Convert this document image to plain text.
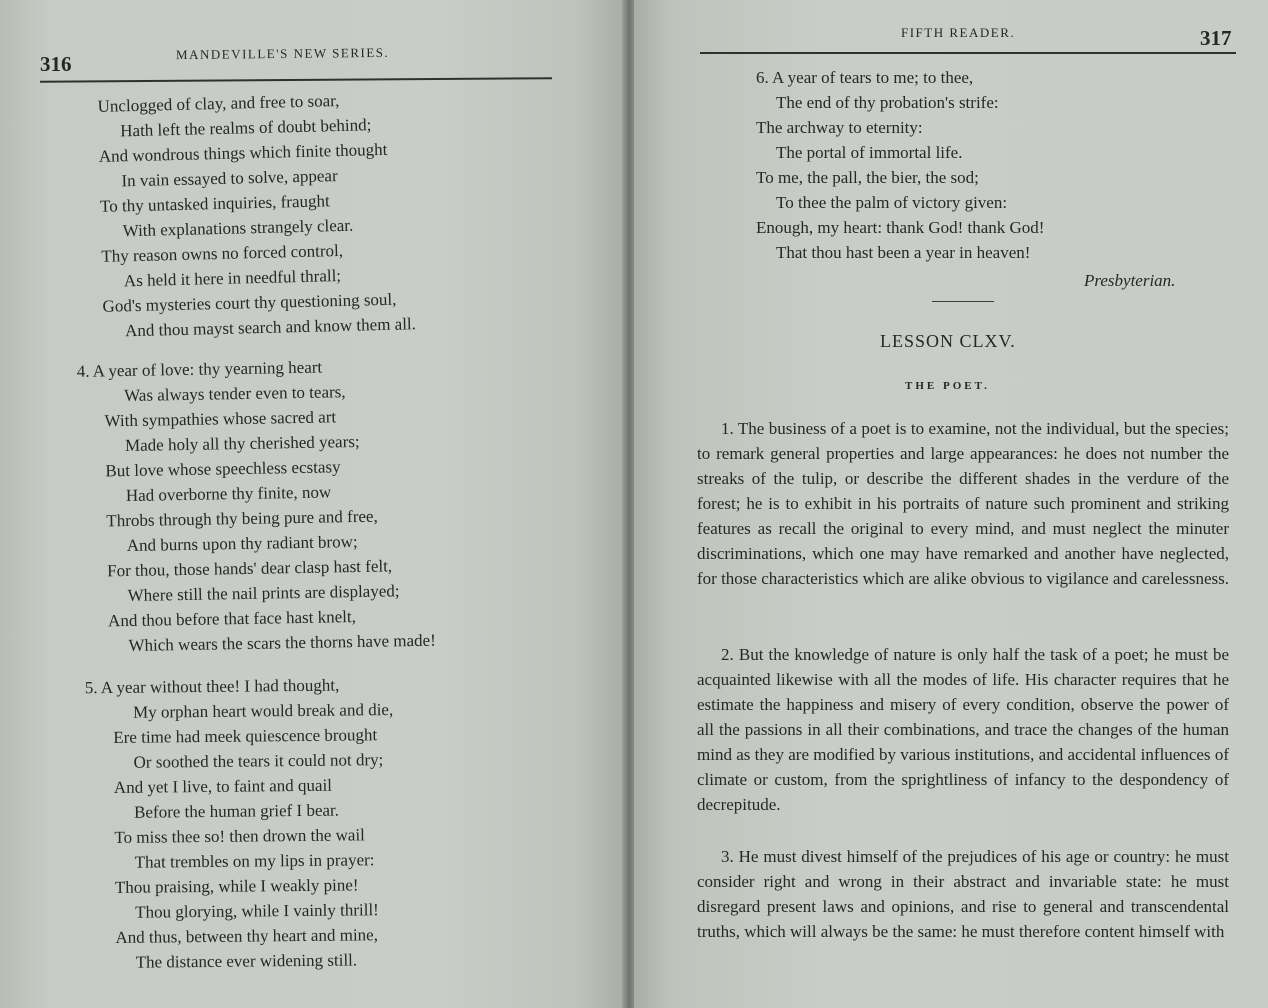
316	MANDEVILLE'S NEW SERIES.
Unclogged of clay, and free to soar,
Hath left the realms of doubt behind;
And wondrous things which finite thought
In vain essayed to solve, appear
To thy untasked inquiries, fraught
With explanations strangely clear.
Thy reason owns no forced control,
As held it here in needful thrall;
God's mysteries court thy questioning soul,
And thou mayst search and know them all.
4. A year of love: thy yearning heart
Was always tender even to tears,
With sympathies whose sacred art
Made holy all thy cherished years;
But love whose speechless ecstasy
Had overborne thy finite, now
Throbs through thy being pure and free,
And burns upon thy radiant brow;
For thou, those hands' dear clasp hast felt,
Where still the nail prints are displayed;
And thou before that face hast knelt,
Which wears the scars the thorns have made!
5. A year without thee! I had thought,
My orphan heart would break and die,
Ere time had meek quiescence brought
Or soothed the tears it could not dry;
And yet I live, to faint and quail
Before the human grief I bear.
To miss thee so! then drown the wail
That trembles on my lips in prayer:
Thou praising, while I weakly pine!
Thou glorying, while I vainly thrill!
And thus, between thy heart and mine,
The distance ever widening still.
FIFTH READER.	317
6. A year of tears to me; to thee,
The end of thy probation's strife:
The archway to eternity:
The portal of immortal life.
To me, the pall, the bier, the sod;
To thee the palm of victory given:
Enough, my heart: thank God! thank God!
That thou hast been a year in heaven!
Presbyterian.
LESSON CLXV.
THE POET.

1. The business of a poet is to examine, not the individual, but the species; to remark general properties and large appearances: he does not number the streaks of the tulip, or describe the different shades in the verdure of the forest; he is to exhibit in his portraits of nature such prominent and striking features as recall the original to every mind, and must neglect the minuter discriminations, which one may have remarked and another have neglected, for those characteristics which are alike obvious to vigilance and carelessness.

2. But the knowledge of nature is only half the task of a poet; he must be acquainted likewise with all the modes of life. His character requires that he estimate the happiness and misery of every condition, observe the power of all the passions in all their combinations, and trace the changes of the human mind as they are modified by various institutions, and accidental influences of climate or custom, from the sprightliness of infancy to the despondency of decrepitude.

3. He must divest himself of the prejudices of his age or country: he must consider right and wrong in their abstract and invariable state: he must disregard present laws and opinions, and rise to general and transcendental truths, which will always be the same: he must therefore content himself with
